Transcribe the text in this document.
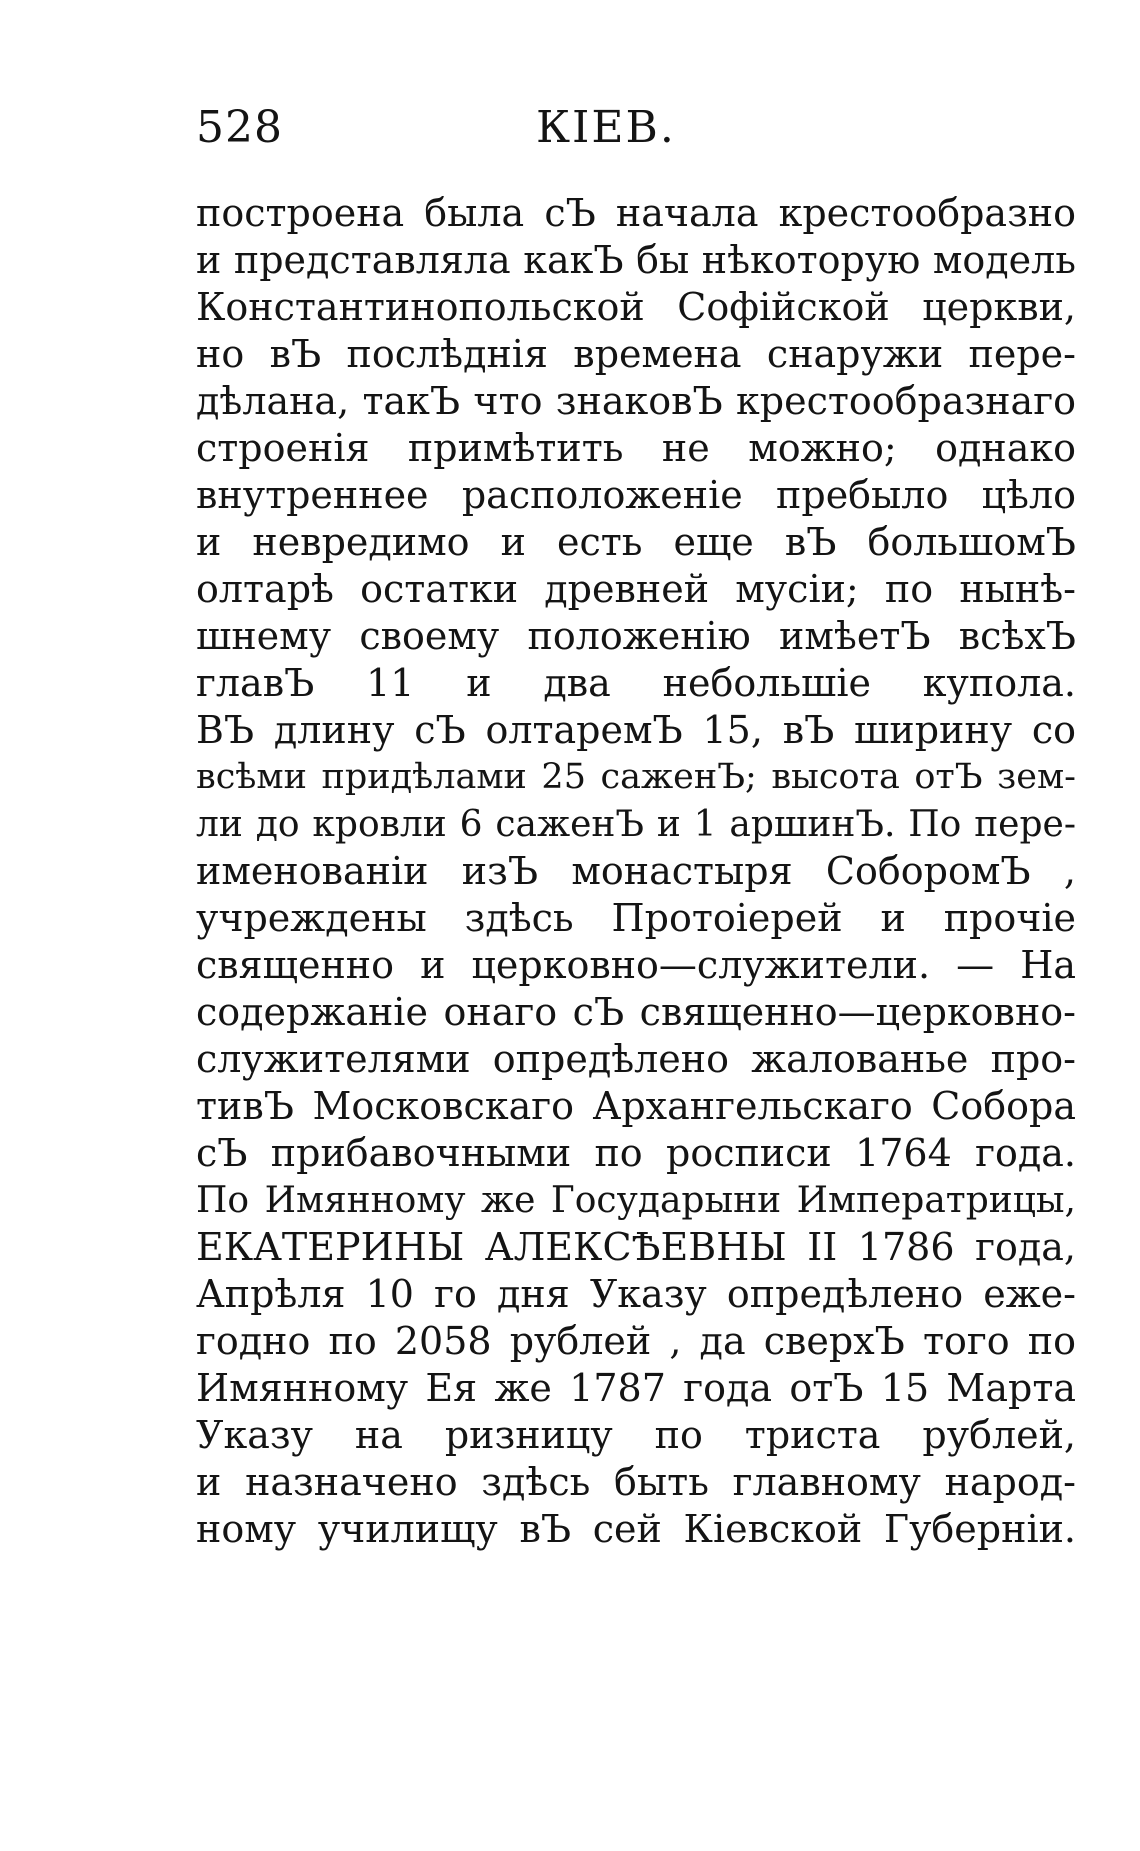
528	КІЕВ.
построена была сЪ начала крестообразно
и представляла какЪ бы нѣкоторую модель
Константинопольской Софійской церкви,
но вЪ послѣднія времена снаружи пере-
дѣлана, такЪ что знаковЪ крестообразнаго
строенія примѣтить не можно; однако
внутреннее расположеніе пребыло цѣло
и невредимо и есть еще вЪ большомЪ
олтарѣ остатки древней мусіи; по нынѣ-
шнему своему положенію имѣетЪ всѣхЪ
главЪ 11 и два небольшіе купола.
ВЪ длину сЪ олтаремЪ 15, вЪ ширину со
всѣми придѣлами 25 саженЪ; высота отЪ зем-
ли до кровли 6 саженЪ и 1 аршинЪ. По пере-
именованіи изЪ монастыря СоборомЪ ,
учреждены здѣсь Протоіерей и прочіе
священно и церковно—служители. — На
содержаніе онаго сЪ священно—церковно-
служителями опредѣлено жалованье про-
тивЪ Московскаго Архангельскаго Собора
сЪ прибавочными по росписи 1764 года.
По Имянному же Государыни Императрицы,
ЕКАТЕРИНЫ АЛЕКСѢЕВНЫ II 1786 года,
Апрѣля 10 го дня Указу опредѣлено еже-
годно по 2058 рублей , да сверхЪ того по
Имянному Ея же 1787 года отЪ 15 Марта
Указу на ризницу по триста рублей,
и назначено здѣсь быть главному народ-
ному училищу вЪ сей Кіевской Губерніи.
